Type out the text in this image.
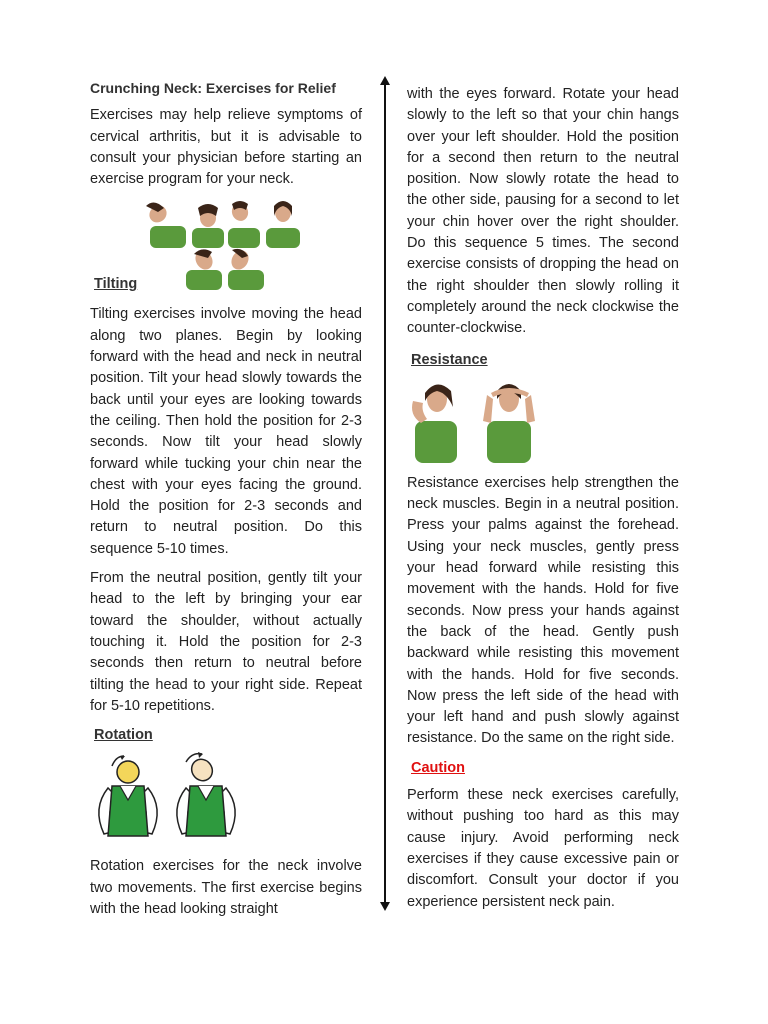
Crunching Neck: Exercises for Relief

Exercises may help relieve symptoms of cervical arthritis, but it is advisable to consult your physician before starting an exercise program for your neck.

Tilting

Tilting exercises involve moving the head along two planes. Begin by looking forward with the head and neck in neutral position. Tilt your head slowly towards the back until your eyes are looking towards the ceiling. Then hold the position for 2-3 seconds. Now tilt your head slowly forward while tucking your chin near the chest with your eyes facing the ground. Hold the position for 2-3 seconds and return to neutral position. Do this sequence 5-10 times.

From the neutral position, gently tilt your head to the left by bringing your ear toward the shoulder, without actually touching it. Hold the position for 2-3 seconds then return to neutral before tilting the head to your right side. Repeat for 5-10 repetitions.

Rotation

Rotation exercises for the neck involve two movements. The first exercise begins with the head looking straight

with the eyes forward. Rotate your head slowly to the left so that your chin hangs over your left shoulder. Hold the position for a second then return to the neutral position. Now slowly rotate the head to the other side, pausing for a second to let your chin hover over the right shoulder. Do this sequence 5 times. The second exercise consists of dropping the head on the right shoulder then slowly rolling it completely around the neck clockwise the counter-clockwise.

Resistance

Resistance exercises help strengthen the neck muscles. Begin in a neutral position. Press your palms against the forehead. Using your neck muscles, gently press your head forward while resisting this movement with the hands. Hold for five seconds. Now press your hands against the back of the head. Gently push backward while resisting this movement with the hands. Hold for five seconds. Now press the left side of the head with your left hand and push slowly against resistance. Do the same on the right side.

Caution

Perform these neck exercises carefully, without pushing too hard as this may cause injury. Avoid performing neck exercises if they cause excessive pain or discomfort. Consult your doctor if you experience persistent neck pain.
